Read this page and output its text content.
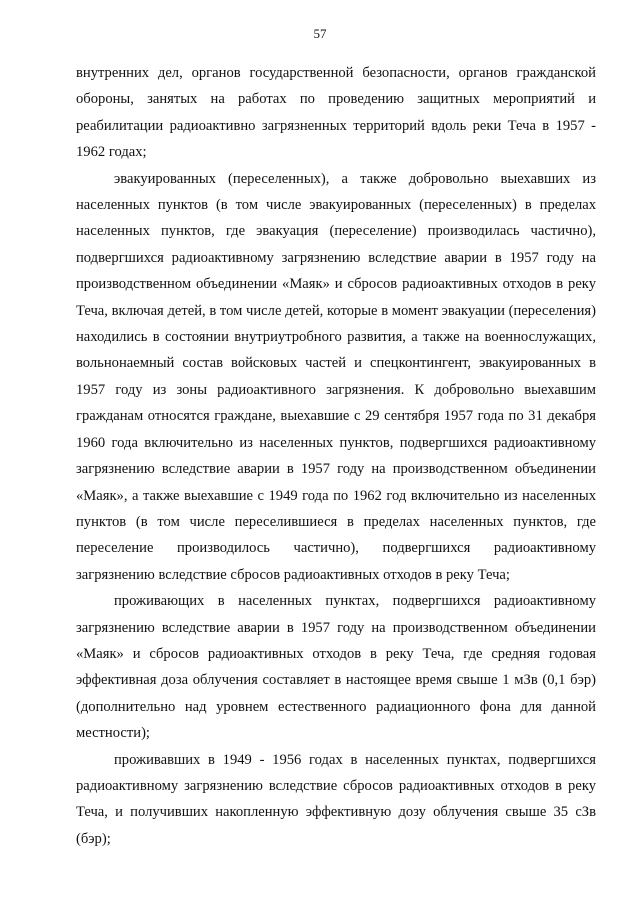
57

внутренних дел, органов государственной безопасности, органов гражданской обороны, занятых на работах по проведению защитных мероприятий и реабилитации радиоактивно загрязненных территорий вдоль реки Теча в 1957 - 1962 годах;

эвакуированных (переселенных), а также добровольно выехавших из населенных пунктов (в том числе эвакуированных (переселенных) в пределах населенных пунктов, где эвакуация (переселение) производилась частично), подвергшихся радиоактивному загрязнению вследствие аварии в 1957 году на производственном объединении «Маяк» и сбросов радиоактивных отходов в реку Теча, включая детей, в том числе детей, которые в момент эвакуации (переселения) находились в состоянии внутриутробного развития, а также на военнослужащих, вольнонаемный состав войсковых частей и спецконтингент, эвакуированных в 1957 году из зоны радиоактивного загрязнения. К добровольно выехавшим гражданам относятся граждане, выехавшие с 29 сентября 1957 года по 31 декабря 1960 года включительно из населенных пунктов, подвергшихся радиоактивному загрязнению вследствие аварии в 1957 году на производственном объединении «Маяк», а также выехавшие с 1949 года по 1962 год включительно из населенных пунктов (в том числе переселившиеся в пределах населенных пунктов, где переселение производилось частично), подвергшихся радиоактивному загрязнению вследствие сбросов радиоактивных отходов в реку Теча;

проживающих в населенных пунктах, подвергшихся радиоактивному загрязнению вследствие аварии в 1957 году на производственном объединении «Маяк» и сбросов радиоактивных отходов в реку Теча, где средняя годовая эффективная доза облучения составляет в настоящее время свыше 1 мЗв (0,1 бэр) (дополнительно над уровнем естественного радиационного фона для данной местности);

проживавших в 1949 - 1956 годах в населенных пунктах, подвергшихся радиоактивному загрязнению вследствие сбросов радиоактивных отходов в реку Теча, и получивших накопленную эффективную дозу облучения свыше 35 сЗв (бэр);
